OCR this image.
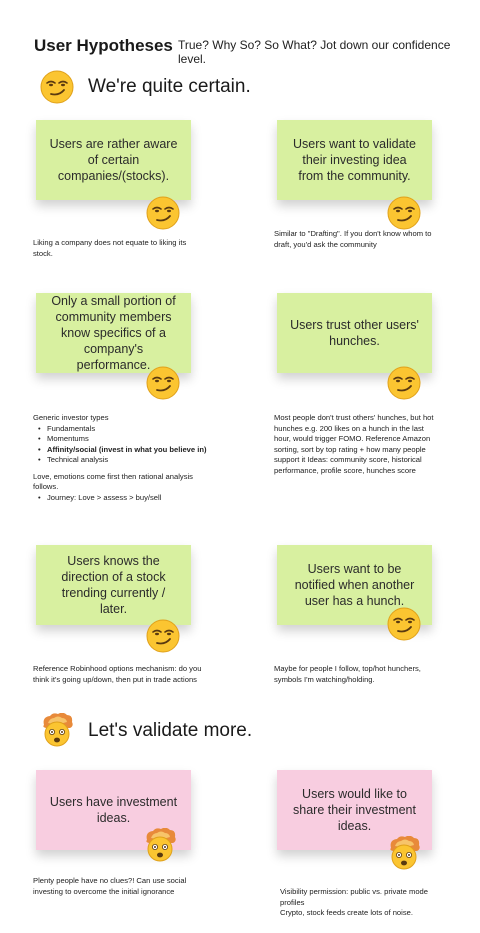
User Hypotheses True? Why So? So What? Jot down our confidence level.
We're quite certain.
Users are rather aware of certain companies/(stocks).
Liking a company does not equate to liking its stock.
Users want to validate their investing idea from the community.
Similar to "Drafting". If you don't know whom to draft, you'd ask the community
Only a small portion of community members know specifics of a company's performance.

Generic investor types

• Fundamentals
• Momentums
• Affinity/social (invest in what you believe in)
• Technical analysis

Love, emotions come first then rational analysis follows.

• Journey: Love > assess > buy/sell
Users trust other users' hunches.
Most people don't trust others' hunches, but hot hunches e.g. 200 likes on a hunch in the last hour, would trigger FOMO. Reference Amazon sorting, sort by top rating + how many people support it Ideas: community score, historical performance, profile score, hunches score
Users knows the direction of a stock trending currently / later.
Reference Robinhood options mechanism: do you think it's going up/down, then put in trade actions
Users want to be notified when another user has a hunch.
Maybe for people I follow, top/hot hunchers, symbols I'm watching/holding.
Let's validate more.
Users have investment ideas.
Plenty people have no clues?! Can use social investing to overcome the initial ignorance
Users would like to share their investment ideas.

Visibility permission: public vs. private mode profiles

Crypto, stock feeds create lots of noise.
